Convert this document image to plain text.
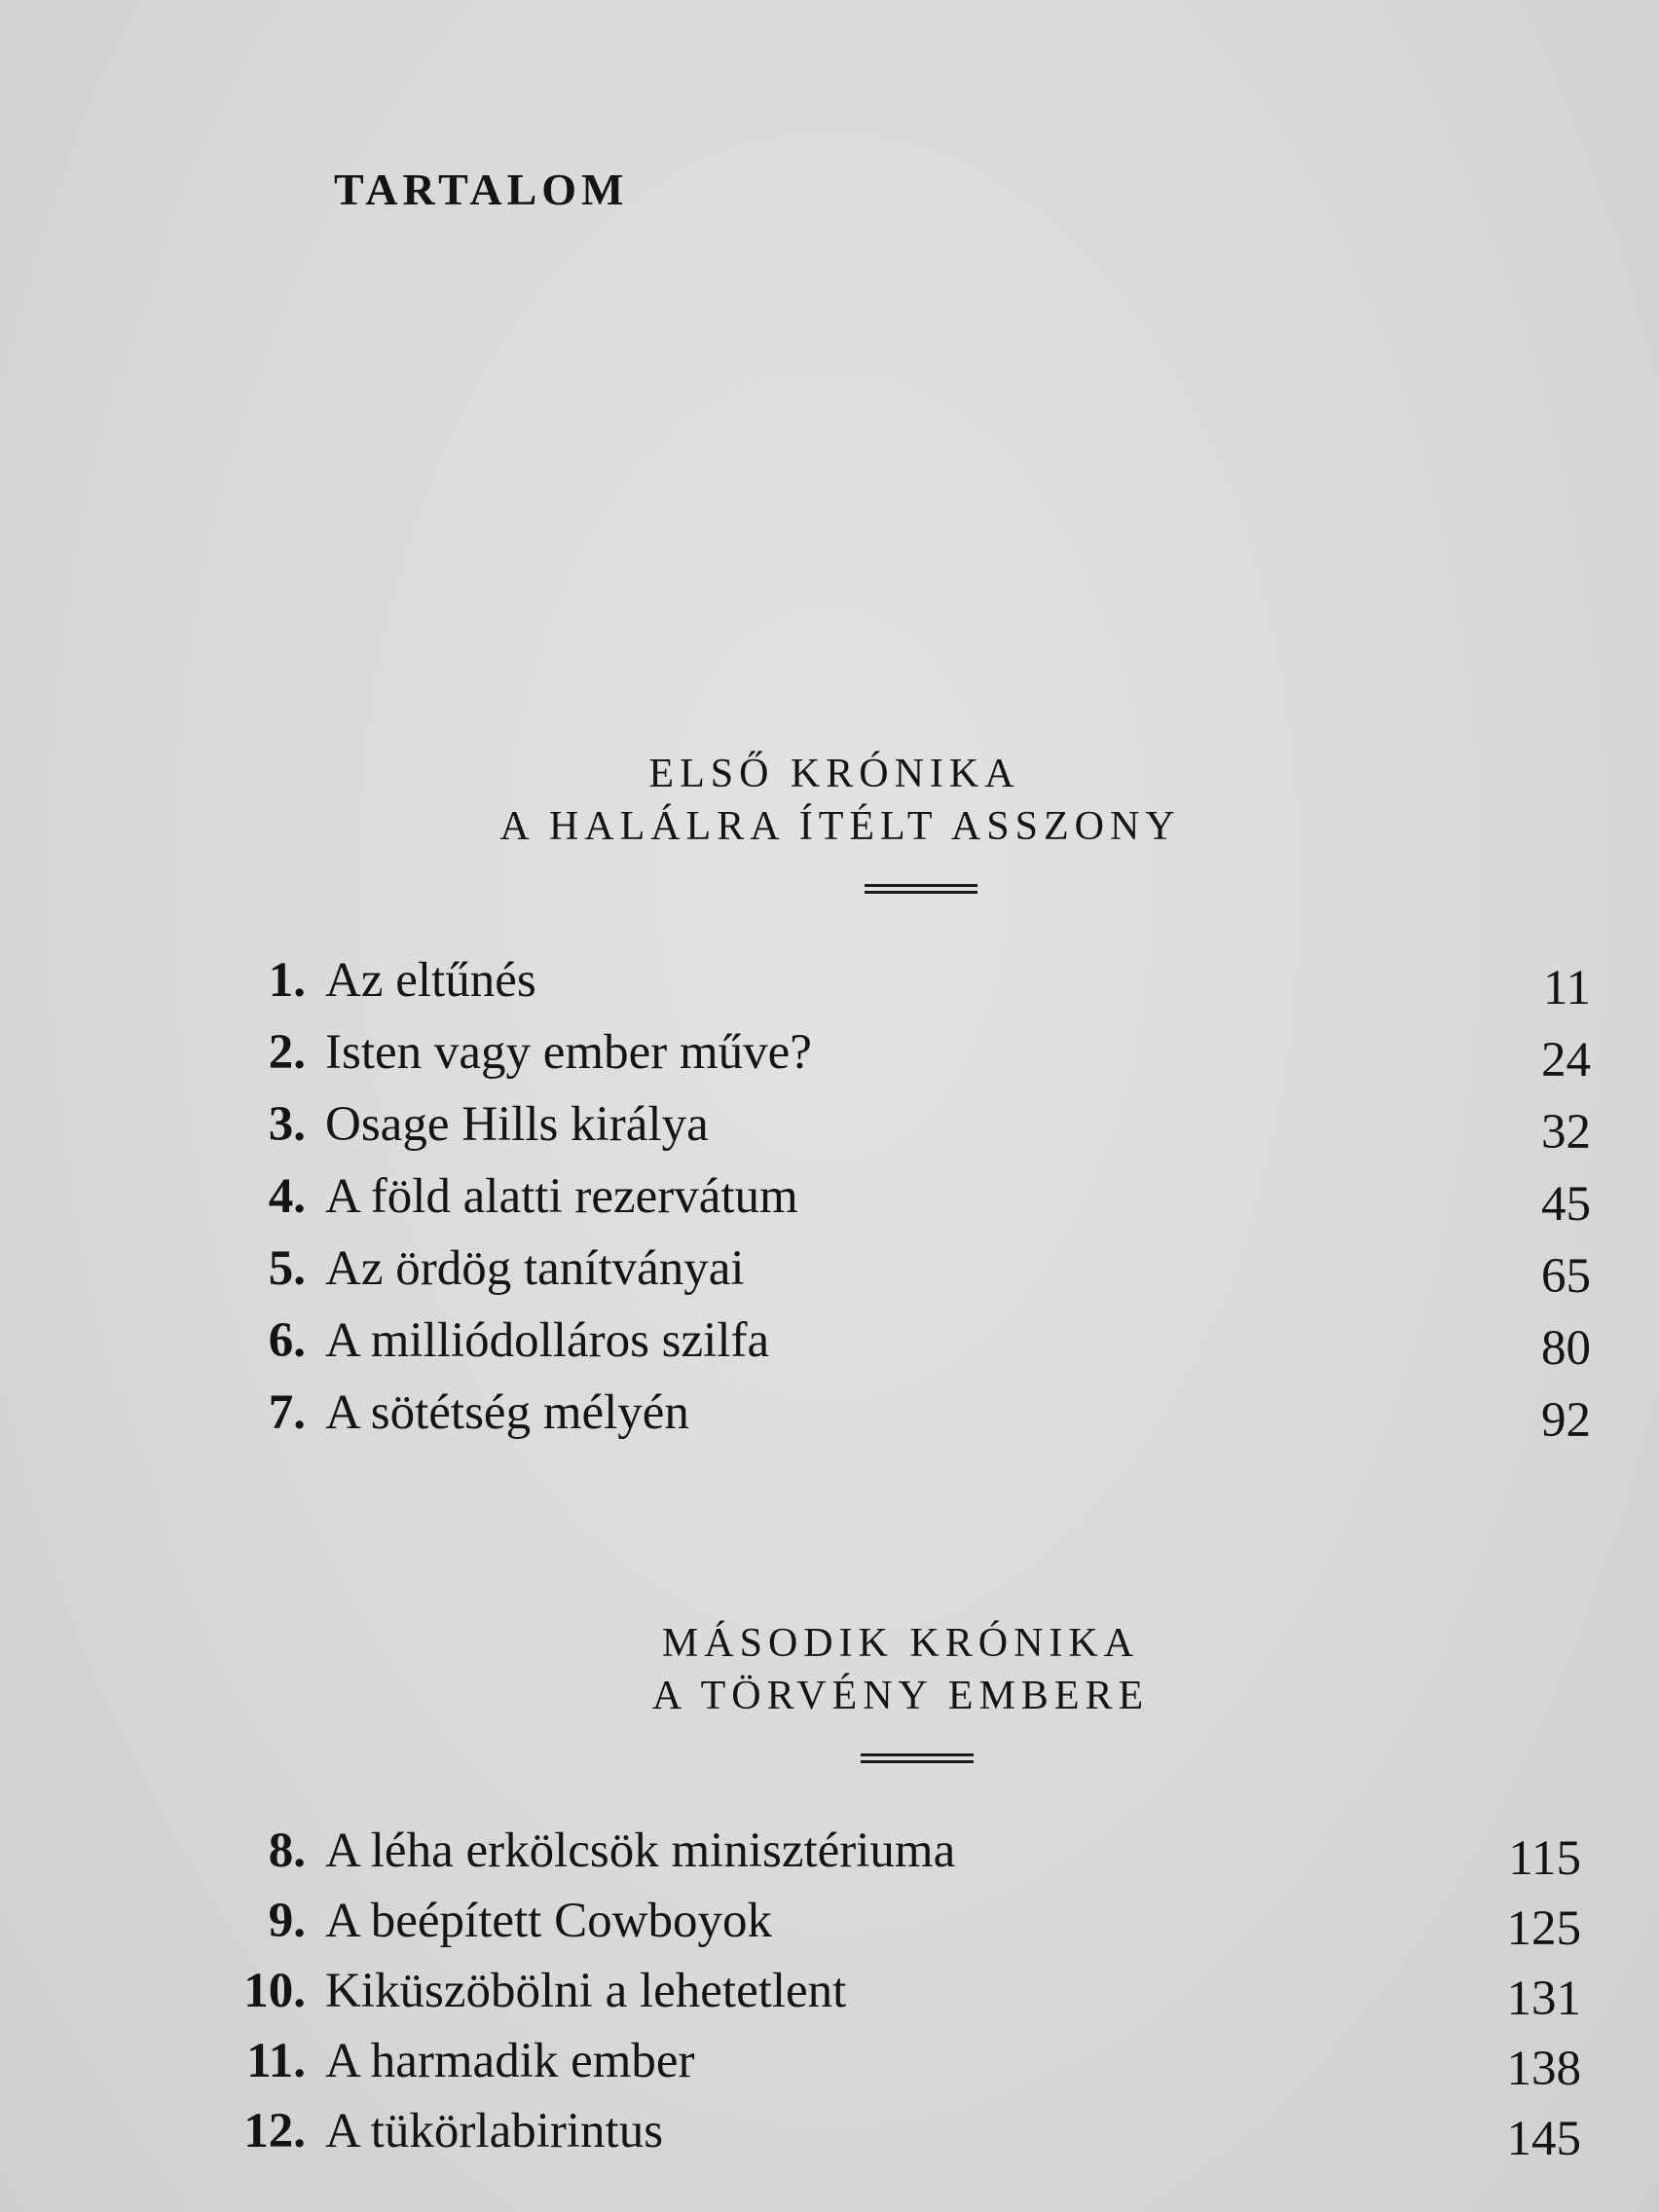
TARTALOM
ELSŐ KRÓNIKA
A HALÁLRA ÍTÉLT ASSZONY
1. Az eltűnés	11
2. Isten vagy ember műve?	24
3. Osage Hills királya	32
4. A föld alatti rezervátum	45
5. Az ördög tanítványai	65
6. A milliódolláros szilfa	80
7. A sötétség mélyén	92
MÁSODIK KRÓNIKA
A TÖRVÉNY EMBERE
8. A léha erkölcsök minisztériuma	115
9. A beépített Cowboyok	125
10. Kiküszöbölni a lehetetlent	131
11. A harmadik ember	138
12. A tükörlabirintus	145
